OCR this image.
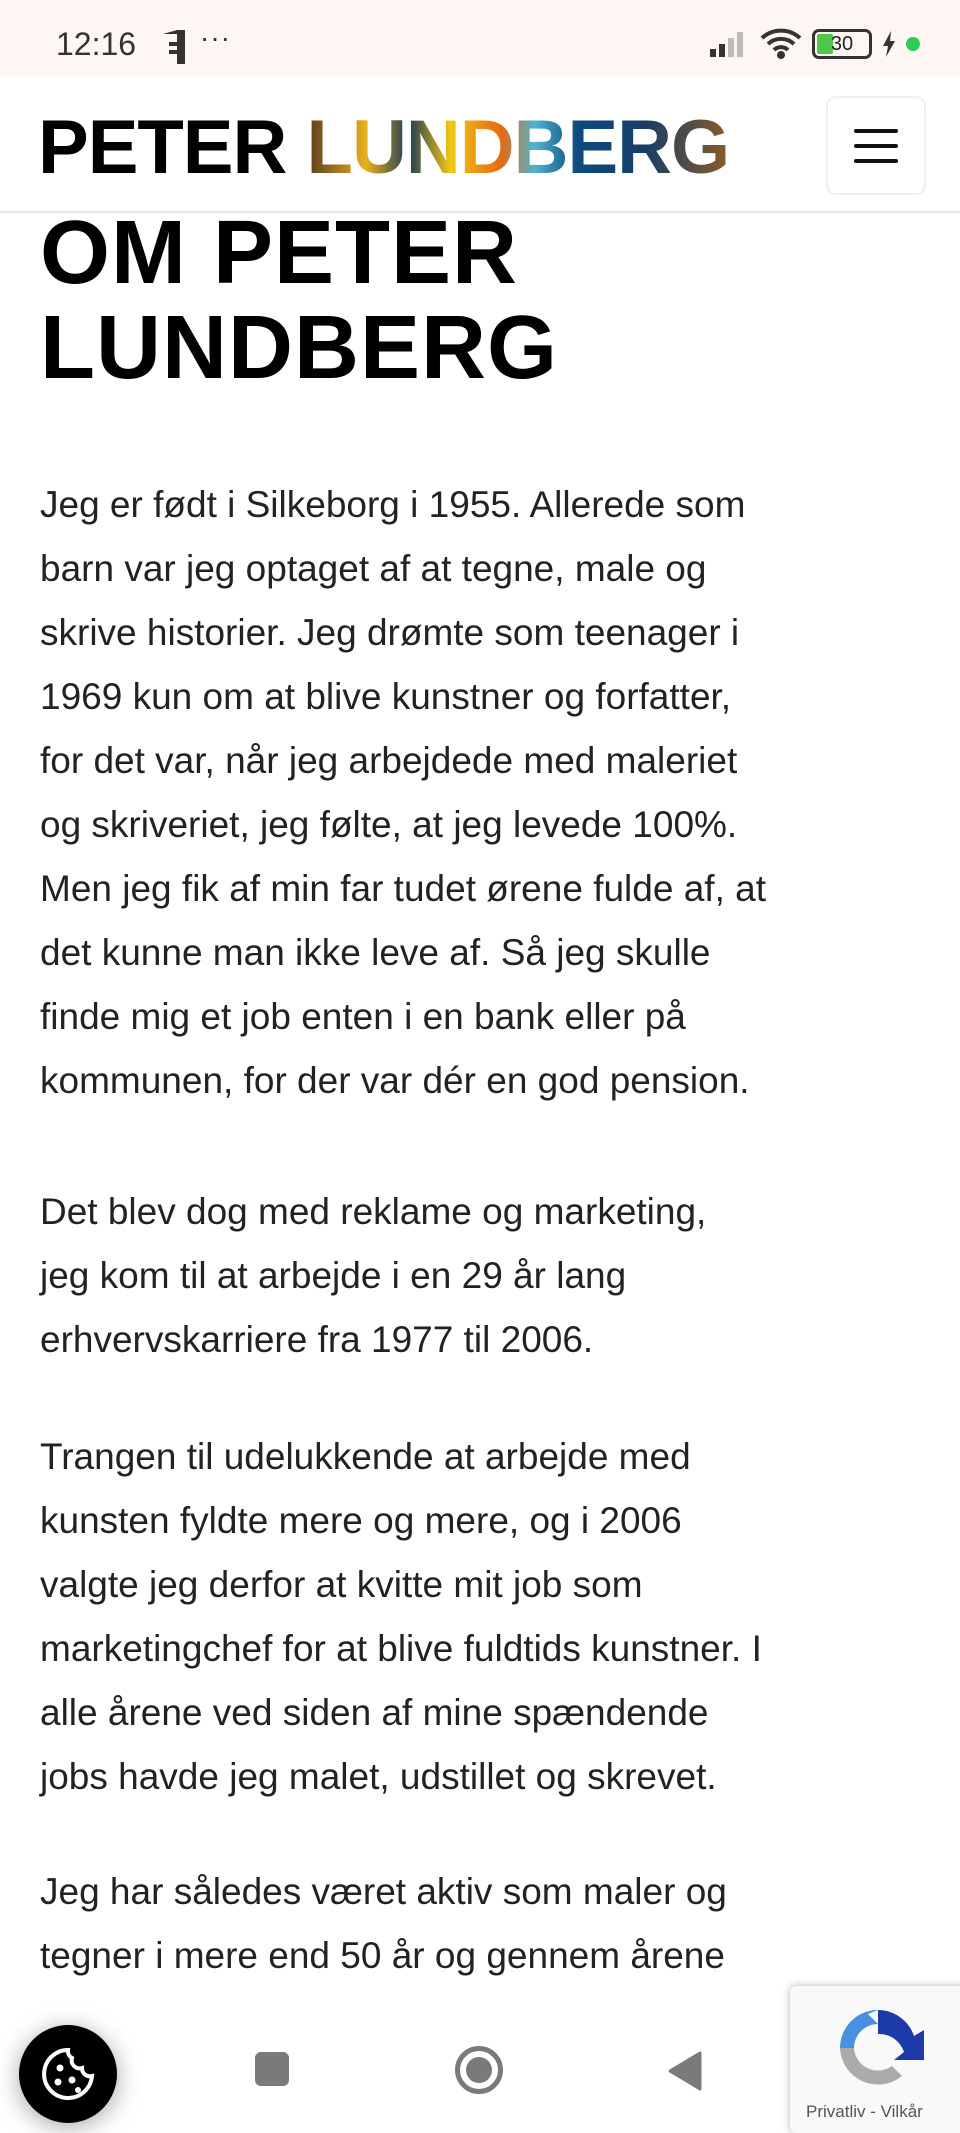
12:16 ···	30
PETER LUNDBERG
OM PETER
LUNDBERG
Jeg er født i Silkeborg i 1955. Allerede som
barn var jeg optaget af at tegne, male og
skrive historier. Jeg drømte som teenager i
1969 kun om at blive kunstner og forfatter,
for det var, når jeg arbejdede med maleriet
og skriveriet, jeg følte, at jeg levede 100%.
Men jeg fik af min far tudet ørene fulde af, at
det kunne man ikke leve af. Så jeg skulle
finde mig et job enten i en bank eller på
kommunen, for der var dér en god pension.
Det blev dog med reklame og marketing,
jeg kom til at arbejde i en 29 år lang
erhvervskarriere fra 1977 til 2006.
Trangen til udelukkende at arbejde med
kunsten fyldte mere og mere, og i 2006
valgte jeg derfor at kvitte mit job som
marketingchef for at blive fuldtids kunstner. I
alle årene ved siden af mine spændende
jobs havde jeg malet, udstillet og skrevet.
Jeg har således været aktiv som maler og
tegner i mere end 50 år og gennem årene
Privatliv - Vilkår
